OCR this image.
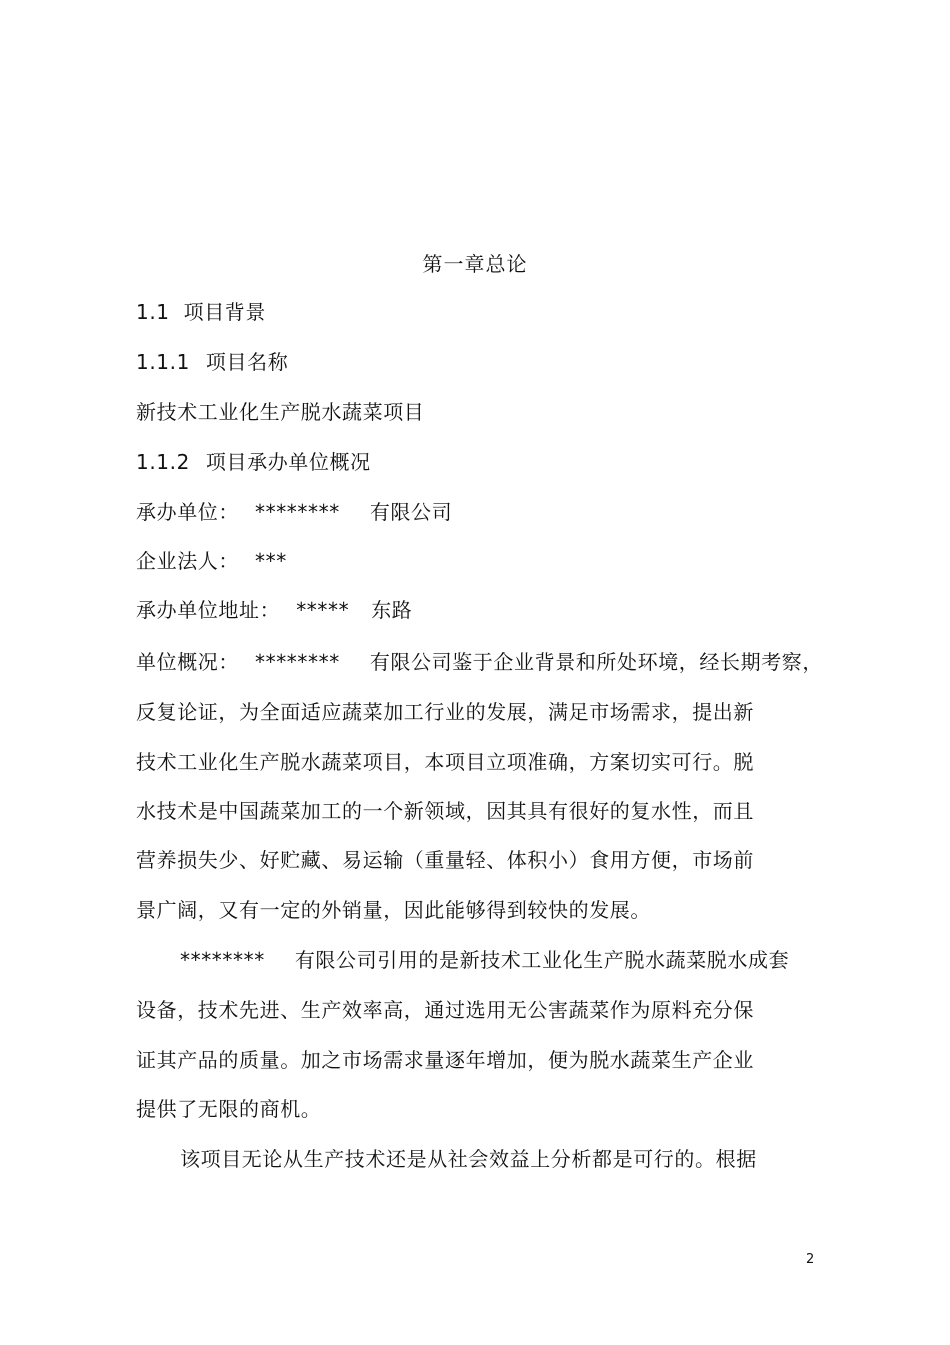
第一章总论
1.1 项目背景
1.1.1 项目名称
新技术工业化生产脱水蔬菜项目
1.1.2 项目承办单位概况
承办单位： ******** 有限公司
企业法人： ***
承办单位地址： ***** 东路
单位概况： ******** 有限公司鉴于企业背景和所处环境，经长期考察，
反复论证，为全面适应蔬菜加工行业的发展，满足市场需求，提出新
技术工业化生产脱水蔬菜项目，本项目立项准确，方案切实可行。脱
水技术是中国蔬菜加工的一个新领域，因其具有很好的复水性，而且
营养损失少、好贮藏、易运输（重量轻、体积小）食用方便，市场前
景广阔，又有一定的外销量，因此能够得到较快的发展。
******** 有限公司引用的是新技术工业化生产脱水蔬菜脱水成套
设备，技术先进、生产效率高，通过选用无公害蔬菜作为原料充分保
证其产品的质量。加之市场需求量逐年增加，便为脱水蔬菜生产企业
提供了无限的商机。
该项目无论从生产技术还是从社会效益上分析都是可行的。根据
2
